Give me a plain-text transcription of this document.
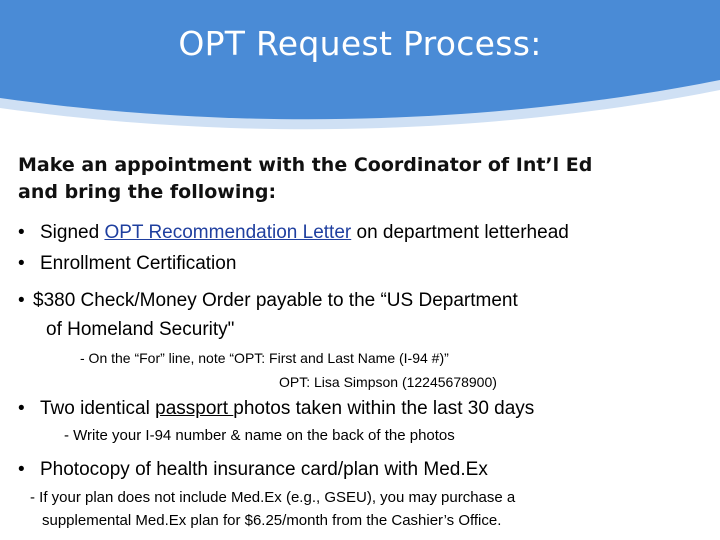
OPT Request Process:
Make an appointment with the Coordinator of Int’l Ed
and bring the following:
• Signed OPT Recommendation Letter on department letterhead
• Enrollment Certification
• $380 Check/Money Order payable to the “US Department
of Homeland Security"
- On the “For” line, note “OPT: First and Last Name (I-94 #)”
OPT: Lisa Simpson (12245678900)
• Two identical passport photos taken within the last 30 days
- Write your I-94 number & name on the back of the photos
• Photocopy of health insurance card/plan with Med.Ex
- If your plan does not include Med.Ex (e.g., GSEU), you may purchase a
supplemental Med.Ex plan for $6.25/month from the Cashier’s Office.
